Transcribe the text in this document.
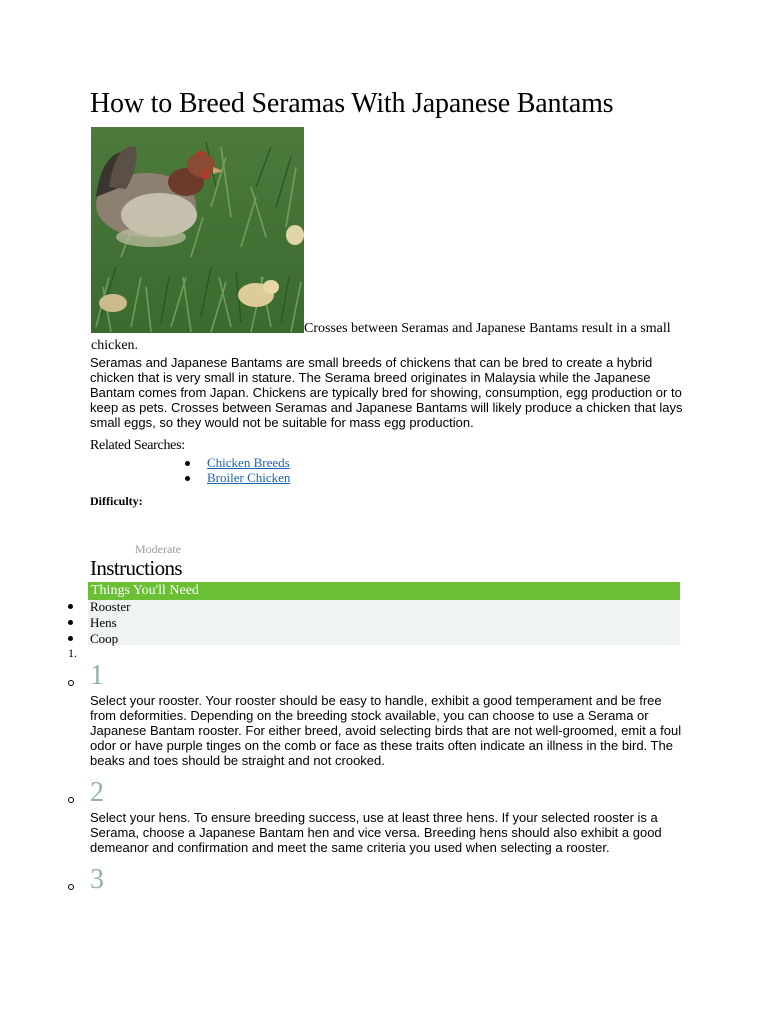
How to Breed Seramas With Japanese Bantams
Crosses between Seramas and Japanese Bantams result in a small chicken.
Seramas and Japanese Bantams are small breeds of chickens that can be bred to create a hybrid chicken that is very small in stature. The Serama breed originates in Malaysia while the Japanese Bantam comes from Japan. Chickens are typically bred for showing, consumption, egg production or to keep as pets. Crosses between Seramas and Japanese Bantams will likely produce a chicken that lays small eggs, so they would not be suitable for mass egg production.
Related Searches:
Chicken Breeds
Broiler Chicken
Difficulty:
Moderate
Instructions
Things You'll Need
Rooster
Hens
Coop
1.
1
Select your rooster. Your rooster should be easy to handle, exhibit a good temperament and be free from deformities. Depending on the breeding stock available, you can choose to use a Serama or Japanese Bantam rooster. For either breed, avoid selecting birds that are not well-groomed, emit a foul odor or have purple tinges on the comb or face as these traits often indicate an illness in the bird. The beaks and toes should be straight and not crooked.
2
Select your hens. To ensure breeding success, use at least three hens. If your selected rooster is a Serama, choose a Japanese Bantam hen and vice versa. Breeding hens should also exhibit a good demeanor and confirmation and meet the same criteria you used when selecting a rooster.
3
